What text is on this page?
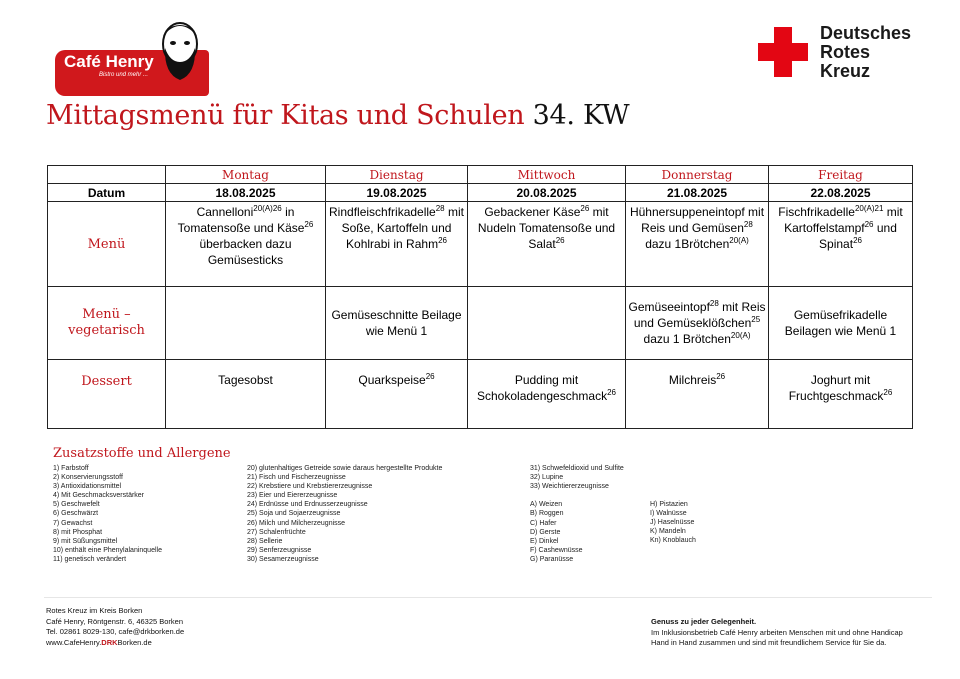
Café Henry
Bistro und mehr ...
Deutsches
Rotes
Kreuz
Mittagsmenü für Kitas und Schulen 34. KW
	Montag	Dienstag	Mittwoch	Donnerstag	Freitag
Datum	18.08.2025	19.08.2025	20.08.2025	21.08.2025	22.08.2025
Menü	Cannelloni$^{20(A)26}$ in Tomatensoße und Käse$^{26}$ überbacken dazu Gemüsesticks	Rindfleischfrikadelle$^{28}$ mit Soße, Kartoffeln und Kohlrabi in Rahm$^{26}$	Gebackener Käse$^{26}$ mit Nudeln Tomatensoße und Salat$^{26}$	Hühnersuppeneintopf mit Reis und Gemüsen$^{28}$ dazu 1Brötchen$^{20(A)}$	Fischfrikadelle$^{20(A)21}$ mit Kartoffelstampf$^{26}$ und Spinat$^{26}$

Menü –
vegetarisch		Gemüseschnitte Beilage wie Menü 1		Gemüseeintopf$^{28}$ mit Reis und Gemüseklößchen$^{25}$ dazu 1 Brötchen$^{20(A)}$	Gemüsefrikadelle Beilagen wie Menü 1
Dessert	Tagesobst	Quarkspeise$^{26}$	Pudding mit Schokoladengeschmack$^{26}$	Milchreis$^{26}$	Joghurt mit Fruchtgeschmack$^{26}$
Zusatzstoffe und Allergene
1) Farbstoff
2) Konservierungsstoff
3) Antioxidationsmittel
4) Mit Geschmacksverstärker
5) Geschwefelt
6) Geschwärzt
7) Gewachst
8) mit Phosphat
9) mit Süßungsmittel
10) enthält eine Phenylalaninquelle
11) genetisch verändert
20) glutenhaltiges Getreide sowie daraus hergestellte Produkte
21) Fisch und Fischerzeugnisse
22) Krebstiere und Krebstiererzeugnisse
23) Eier und Eiererzeugnisse
24) Erdnüsse und Erdnusserzeugnisse
25) Soja und Sojaerzeugnisse
26) Milch und Milcherzeugnisse
27) Schalenfrüchte
28) Sellerie
29) Senferzeugnisse
30) Sesamerzeugnisse
31) Schwefeldioxid und Sulfite
32) Lupine
33) Weichtiererzeugnisse

A) Weizen
B) Roggen
C) Hafer
D) Gerste
E) Dinkel
F) Cashewnüsse
G) Paranüsse
H) Pistazien
I) Walnüsse
J) Haselnüsse
K) Mandeln
Kn) Knoblauch
Rotes Kreuz im Kreis Borken
Café Henry, Röntgenstr. 6, 46325 Borken
Tel. 02861 8029-130, cafe@drkborken.de
www.CafeHenry.DRKBorken.de
Genuss zu jeder Gelegenheit.
Im Inklusionsbetrieb Café Henry arbeiten Menschen mit und ohne Handicap
Hand in Hand zusammen und sind mit freundlichem Service für Sie da.
